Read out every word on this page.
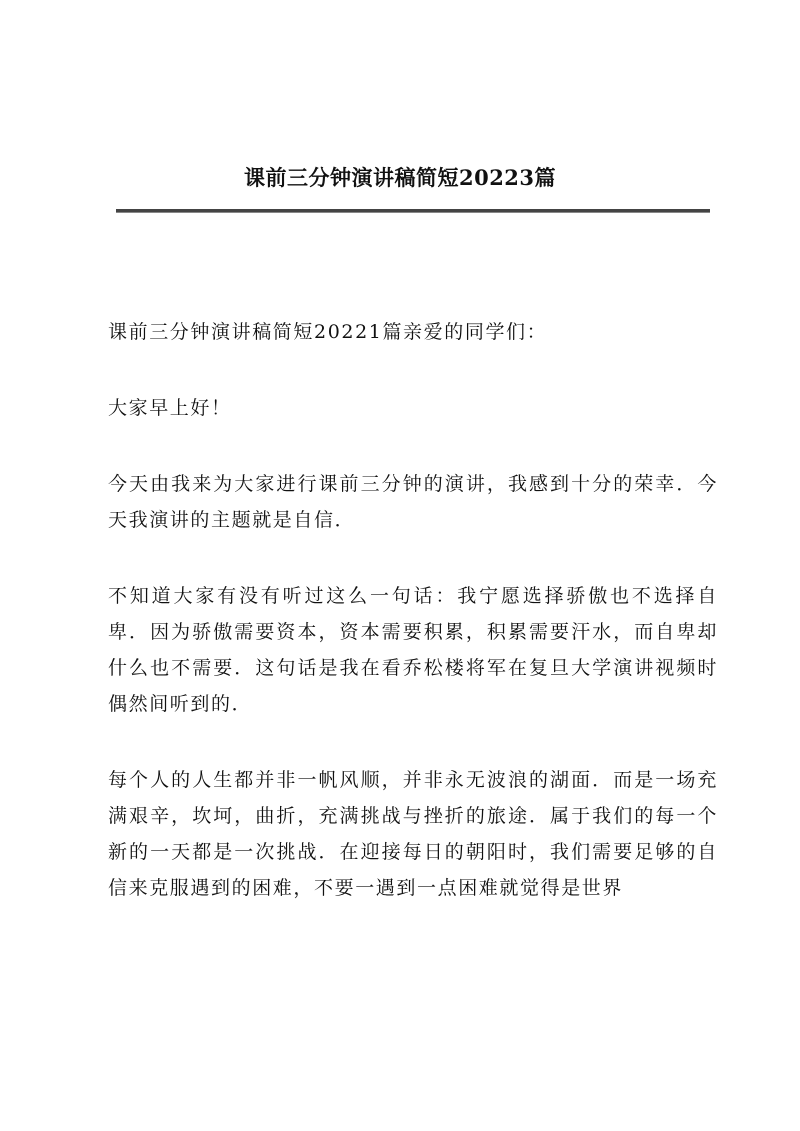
课前三分钟演讲稿简短20223篇

课前三分钟演讲稿简短20221篇亲爱的同学们：

大家早上好！

今天由我来为大家进行课前三分钟的演讲，我感到十分的荣幸．今天我演讲的主题就是自信．

不知道大家有没有听过这么一句话：我宁愿选择骄傲也不选择自卑．因为骄傲需要资本，资本需要积累，积累需要汗水，而自卑却什么也不需要．这句话是我在看乔松楼将军在复旦大学演讲视频时偶然间听到的．

每个人的人生都并非一帆风顺，并非永无波浪的湖面．而是一场充满艰辛，坎坷，曲折，充满挑战与挫折的旅途．属于我们的每一个新的一天都是一次挑战．在迎接每日的朝阳时，我们需要足够的自信来克服遇到的困难，不要一遇到一点困难就觉得是世界
